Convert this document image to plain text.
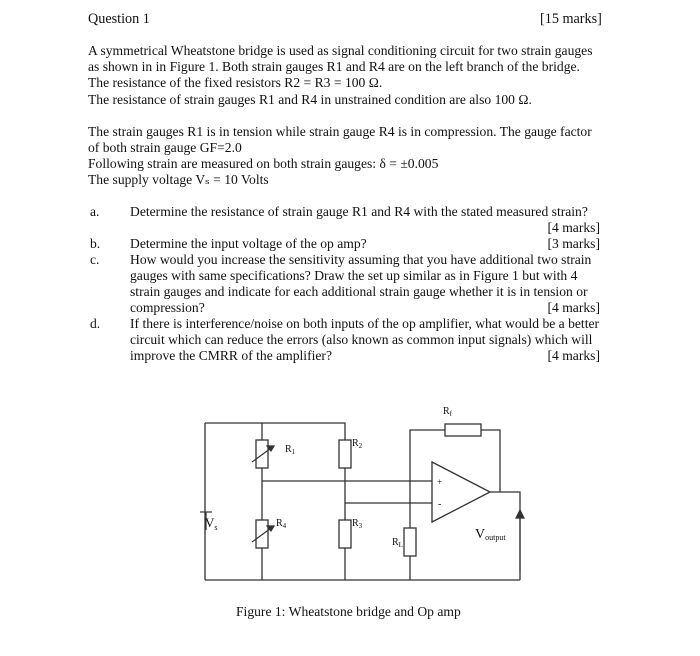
Question 1	[15 marks]
A symmetrical Wheatstone bridge is used as signal conditioning circuit for two strain gauges
as shown in in Figure 1. Both strain gauges R1 and R4 are on the left branch of the bridge.
The resistance of the fixed resistors R2 = R3 = 100 Ω.
The resistance of strain gauges R1 and R4 in unstrained condition are also 100 Ω.
The strain gauges R1 is in tension while strain gauge R4 is in compression. The gauge factor
of both strain gauge GF=2.0
Following strain are measured on both strain gauges: δ = ±0.005
The supply voltage Vₛ = 10 Volts
a. Determine the resistance of strain gauge R1 and R4 with the stated measured strain?
[4 marks]
b. Determine the input voltage of the op amp?	[3 marks]
c. How would you increase the sensitivity assuming that you have additional two strain
gauges with same specifications? Draw the set up similar as in Figure 1 but with 4
strain gauges and indicate for each additional strain gauge whether it is in tension or
compression?	[4 marks]
d. If there is interference/noise on both inputs of the op amplifier, what would be a better
circuit which can reduce the errors (also known as common input signals) which will
improve the CMRR of the amplifier?	[4 marks]
$R_f$
$R_1$
$R_2$
$R_4$	$R_3$
$R_L$
$V_s$	Voutput
+
-
Figure 1: Wheatstone bridge and Op amp
